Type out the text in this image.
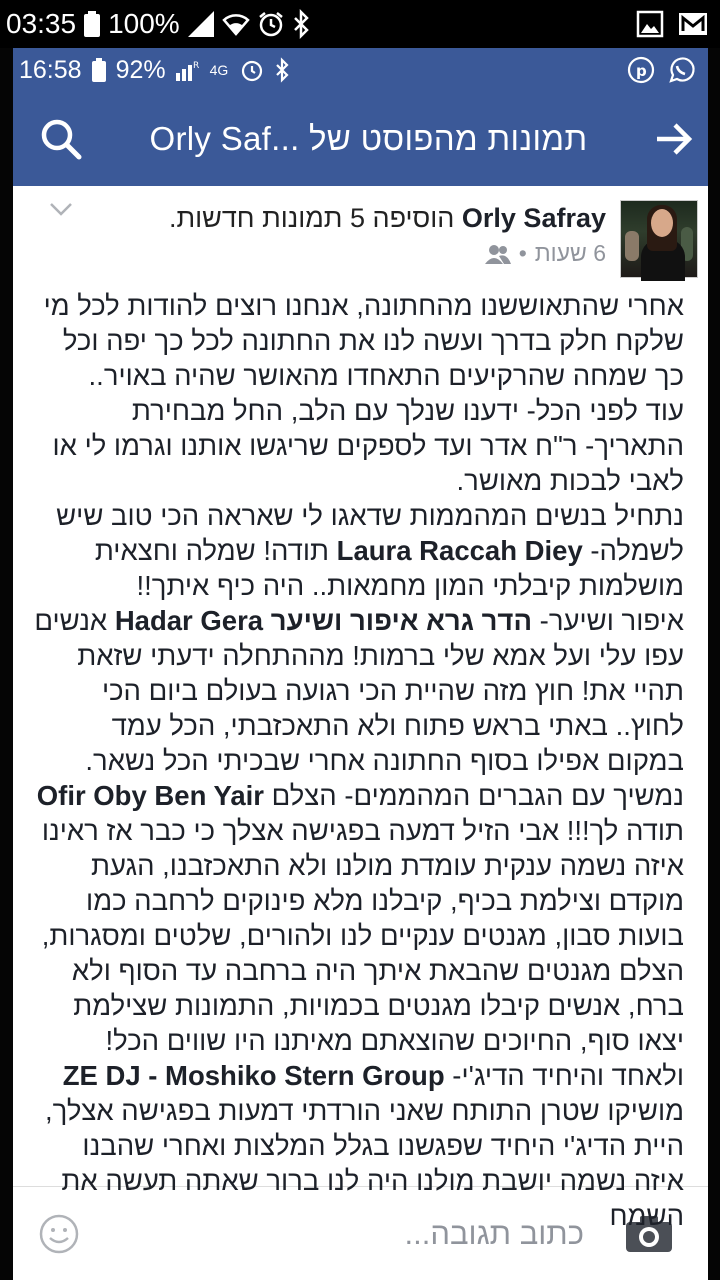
03:35 100% R
16:58 92%	R 4G	p
תמונות מהפוסט של ...Orly Saf
Orly Safray הוסיפה 5 תמונות חדשות.
6 שעות
•
אחרי שהתאוששנו מהחתונה, אנחנו רוצים להודות לכל מי שלקח חלק בדרך ועשה לנו את החתונה לכל כך יפה וכל כך שמחה שהרקיעים התאחדו מהאושר שהיה באויר..
עוד לפני הכל- ידענו שנלך עם הלב, החל מבחירת התאריך- ר"ח אדר ועד לספקים שריגשו אותנו וגרמו לי או לאבי לבכות מאושר.
נתחיל בנשים המהממות שדאגו לי שאראה הכי טוב שיש לשמלה- Laura Raccah Diey תודה! שמלה וחצאית מושלמות קיבלתי המון מחמאות.. היה כיף איתך!!
איפור ושיער- הדר גרא איפור ושיער Hadar Gera אנשים עפו עלי ועל אמא שלי ברמות! מההתחלה ידעתי שזאת תהיי את! חוץ מזה שהיית הכי רגועה בעולם ביום הכי לחוץ.. באתי בראש פתוח ולא התאכזבתי, הכל עמד במקום אפילו בסוף החתונה אחרי שבכיתי הכל נשאר.
נמשיך עם הגברים המהממים- הצלם Ofir Oby Ben Yair תודה לך!!! אבי הזיל דמעה בפגישה אצלך כי כבר אז ראינו איזה נשמה ענקית עומדת מולנו ולא התאכזבנו, הגעת מוקדם וצילמת בכיף, קיבלנו מלא פינוקים לרחבה כמו בועות סבון, מגנטים ענקיים לנו ולהורים, שלטים ומסגרות, הצלם מגנטים שהבאת איתך היה ברחבה עד הסוף ולא ברח, אנשים קיבלו מגנטים בכמויות, התמונות שצילמת יצאו סוף, החיוכים שהוצאתם מאיתנו היו שווים הכל!
ולאחד והיחיד הדיג'י- ZE DJ - Moshiko Stern Group מושיקו שטרן התותח שאני הורדתי דמעות בפגישה אצלך, היית הדיג'י היחיד שפגשנו בגלל המלצות ואחרי שהבנו איזה נשמה יושבת מולנו היה לנו ברור שאתה תעשה את השמח
כתוב תגובה...
